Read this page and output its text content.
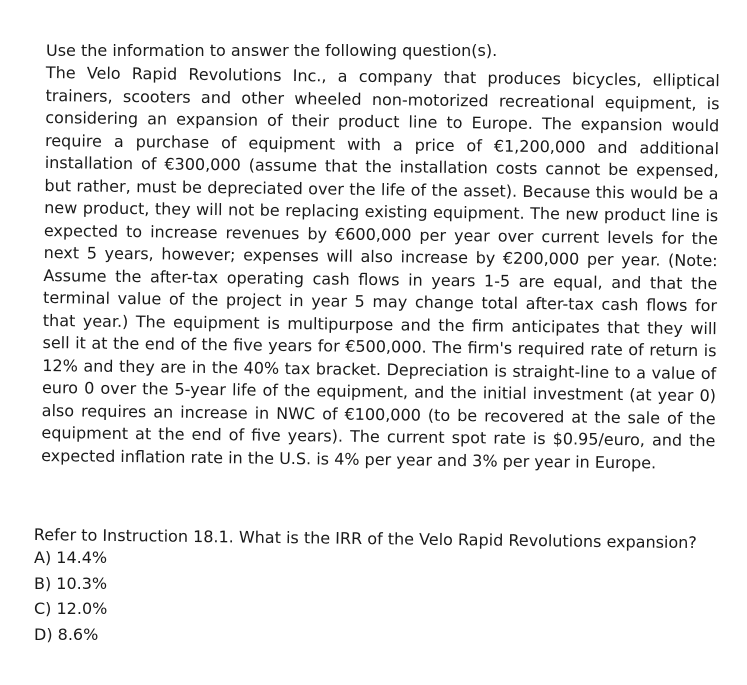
Use the information to answer the following question(s).
The Velo Rapid Revolutions Inc., a company that produces bicycles, elliptical trainers, scooters and other wheeled non-motorized recreational equipment, is considering an expansion of their product line to Europe. The expansion would require a purchase of equipment with a price of €1,200,000 and additional installation of €300,000 (assume that the installation costs cannot be expensed, but rather, must be depreciated over the life of the asset). Because this would be a new product, they will not be replacing existing equipment. The new product line is expected to increase revenues by €600,000 per year over current levels for the next 5 years, however; expenses will also increase by €200,000 per year. (Note: Assume the after-tax operating cash flows in years 1-5 are equal, and that the terminal value of the project in year 5 may change total after-tax cash flows for that year.) The equipment is multipurpose and the firm anticipates that they will sell it at the end of the five years for €500,000. The firm's required rate of return is 12% and they are in the 40% tax bracket. Depreciation is straight-line to a value of euro 0 over the 5-year life of the equipment, and the initial investment (at year 0) also requires an increase in NWC of €100,000 (to be recovered at the sale of the equipment at the end of five years). The current spot rate is $0.95/euro, and the expected inflation rate in the U.S. is 4% per year and 3% per year in Europe.
Refer to Instruction 18.1. What is the IRR of the Velo Rapid Revolutions expansion?
A) 14.4%
B) 10.3%
C) 12.0%
D) 8.6%
